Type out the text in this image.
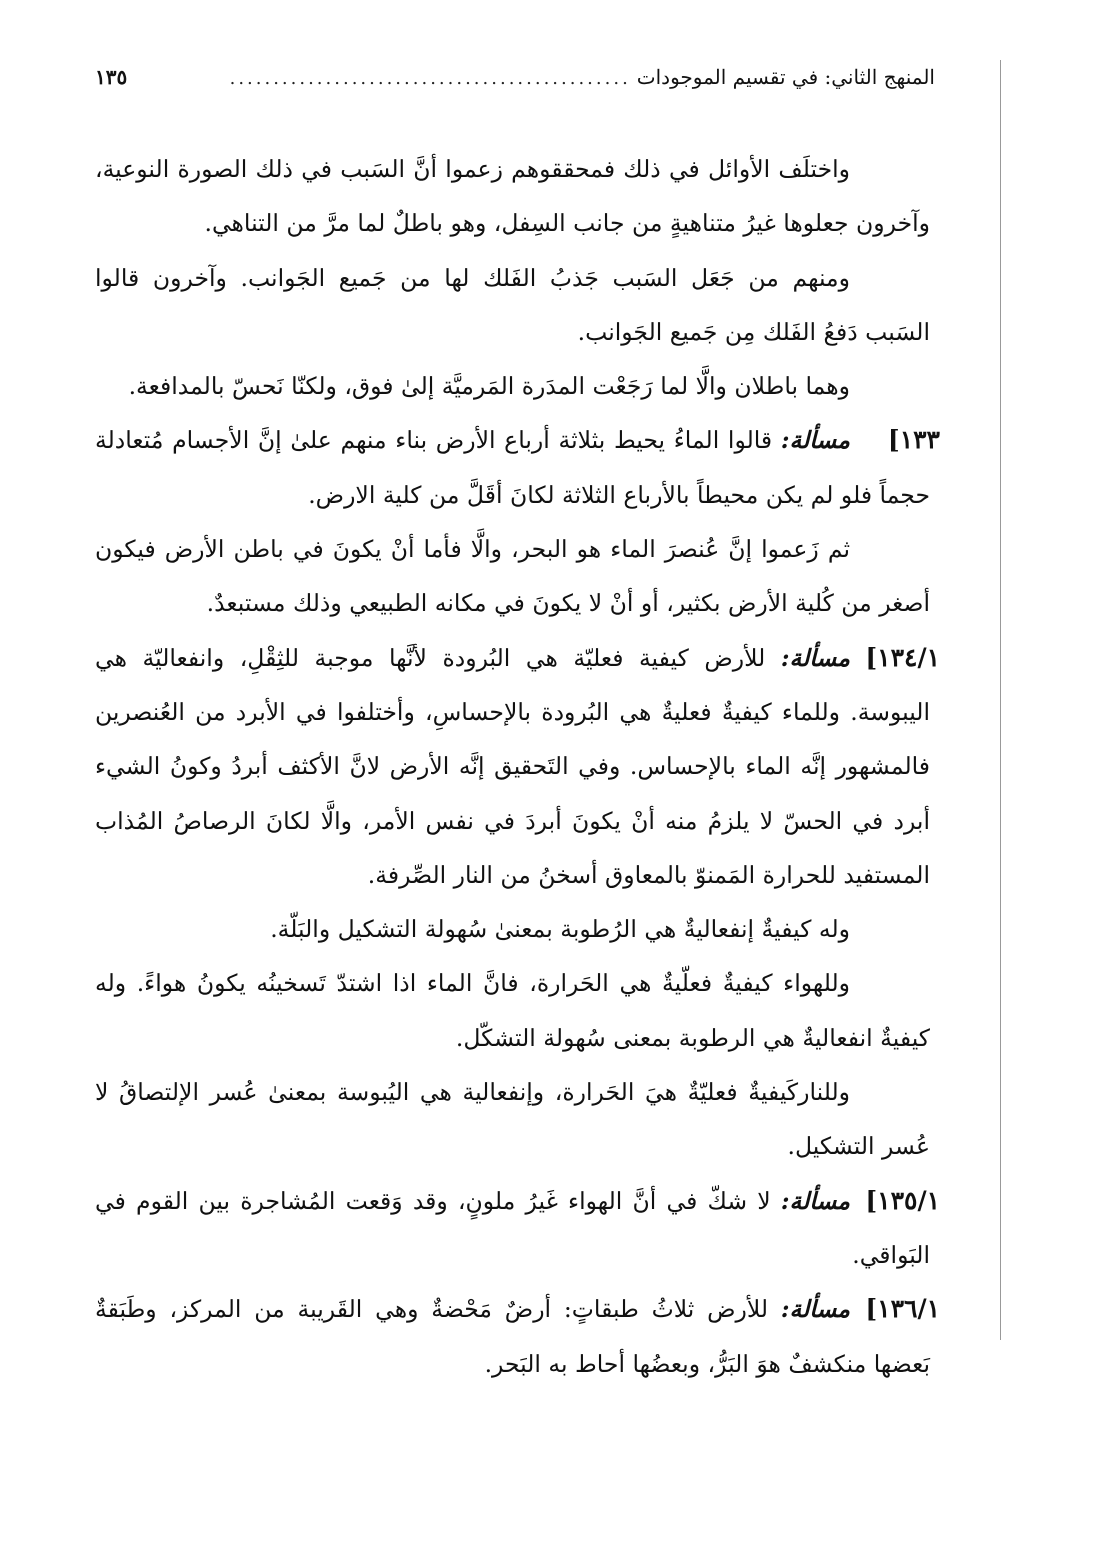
المنهج الثاني: في تقسيم الموجودات
..............................................
١٣٥

واختلَف الأوائل في ذلك فمحققوهم زعموا أنَّ السَبب في ذلك الصورة النوعية، وآخرون جعلوها غيرُ متناهيةٍ من جانب السِفل، وهو باطلٌ لما مرَّ من التناهي.

ومنهم من جَعَل السَبب جَذبُ الفَلك لها من جَميع الجَوانب. وآخرون قالوا السَبب دَفعُ الفَلك مِن جَميع الجَوانب.

وهما باطلان والَّا لما رَجَعْت المدَرة المَرميَّة إلىٰ فوق، ولكنّا نَحسّ بالمدافعة.

١٣٣]
مسألة: قالوا الماءُ يحيط بثلاثة أرباع الأرض بناء منهم علىٰ إنَّ الأجسام مُتعادلة حجماً فلو لم يكن محيطاً بالأرباع الثلاثة لكانَ أقَلَّ من كلية الارض.

ثم زَعموا إنَّ عُنصرَ الماء هو البحر، والَّا فأما أنْ يكونَ في باطن الأرض فيكون أصغر من كُلية الأرض بكثير، أو أنْ لا يكونَ في مكانه الطبيعي وذلك مستبعدٌ.

١٣٤/١]
مسألة: للأرض كيفية فعليّة هي البُرودة لأنَّها موجبة للثِقْلِ، وانفعاليّة هي اليبوسة. وللماء كيفيةٌ فعليةٌ هي البُرودة بالإحساسِ، وأختلفوا في الأبرد من العُنصرين فالمشهور إنَّه الماء بالإحساس. وفي التَحقيق إنَّه الأرض لانَّ الأكثف أبردُ وكونُ الشيء أبرد في الحسّ لا يلزمُ منه أنْ يكونَ أبردَ في نفس الأمر، والَّا لكانَ الرصاصُ المُذاب المستفيد للحرارة المَمنوّ بالمعاوق أسخنُ من النار الصِّرفة.

وله كيفيةٌ إنفعاليةٌ هي الرُطوبة بمعنىٰ سُهولة التشكيل والبَلّة.

وللهواء كيفيةٌ فعلّيةٌ هي الحَرارة، فانَّ الماء اذا اشتدّ تَسخينُه يكونُ هواءً. وله كيفيةٌ انفعاليةٌ هي الرطوبة بمعنى سُهولة التشكّل.

وللناركَيفيةٌ فعليّةٌ هيَ الحَرارة، وإنفعالية هي اليُبوسة بمعنىٰ عُسر الإلتصاقُ لا عُسر التشكيل.

١٣٥/١]
مسألة: لا شكّ في أنَّ الهواء غَيرُ ملونٍ، وقد وَقعت المُشاجرة بين القوم في البَواقي.
١٣٦/١]
مسألة: للأرض ثلاثُ طبقاتٍ: أرضٌ مَحْضةٌ وهي القَريبة من المركز، وطَبَقةٌ بَعضها منكشفٌ هوَ البَرُّ، وبعضُها أحاط به البَحر.
